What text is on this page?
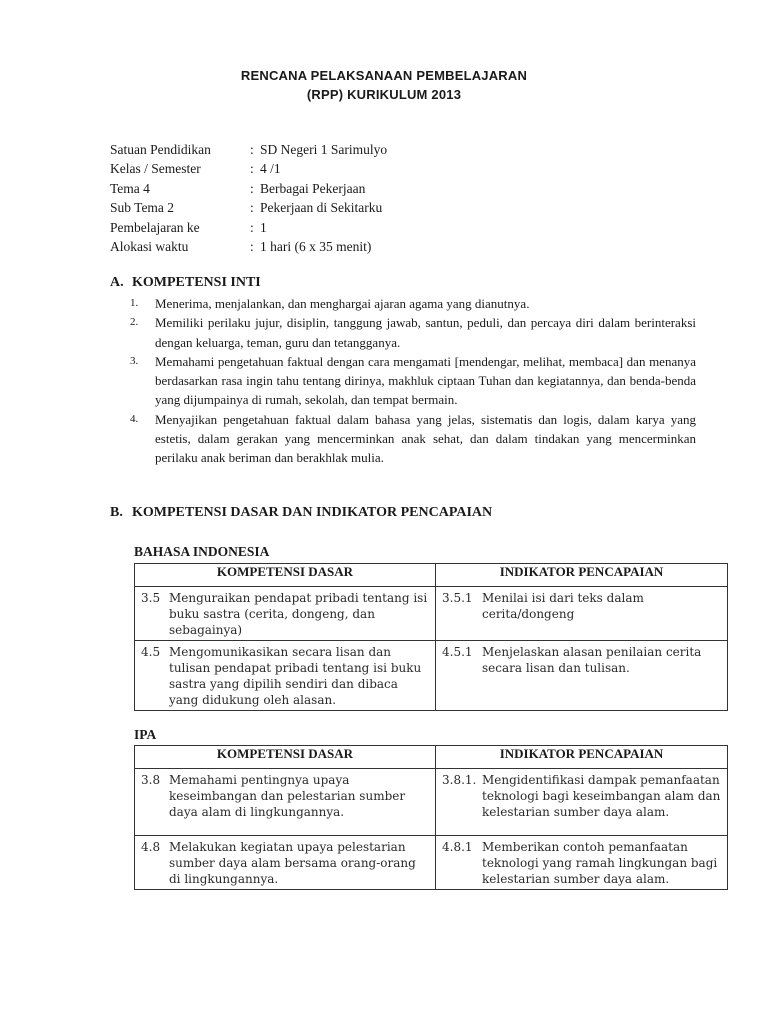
RENCANA PELAKSANAAN PEMBELAJARAN
(RPP) KURIKULUM 2013
Satuan Pendidikan	: SD Negeri 1 Sarimulyo
Kelas / Semester	: 4 /1
Tema 4	: Berbagai Pekerjaan
Sub Tema 2	: Pekerjaan di Sekitarku
Pembelajaran ke	: 1
Alokasi waktu	: 1 hari (6 x 35 menit)
A. KOMPETENSI INTI
1.	Menerima, menjalankan, dan menghargai ajaran agama yang dianutnya.
2.	Memiliki perilaku jujur, disiplin, tanggung jawab, santun, peduli, dan percaya diri dalam berinteraksi dengan keluarga, teman, guru dan tetangganya.
3.	Memahami pengetahuan faktual dengan cara mengamati [mendengar, melihat, membaca] dan menanya berdasarkan rasa ingin tahu tentang dirinya, makhluk ciptaan Tuhan dan kegiatannya, dan benda-benda yang dijumpainya di rumah, sekolah, dan tempat bermain.
4.	Menyajikan pengetahuan faktual dalam bahasa yang jelas, sistematis dan logis, dalam karya yang estetis, dalam gerakan yang mencerminkan anak sehat, dan dalam tindakan yang mencerminkan perilaku anak beriman dan berakhlak mulia.
B. KOMPETENSI DASAR DAN INDIKATOR PENCAPAIAN
BAHASA INDONESIA
KOMPETENSI DASAR	INDIKATOR PENCAPAIAN

3.5 Menguraikan pendapat pribadi tentang isi buku sastra (cerita, dongeng, dan sebagainya)	3.5.1 Menilai isi dari teks dalam cerita/dongeng

4.5 Mengomunikasikan secara lisan dan tulisan pendapat pribadi tentang isi buku sastra yang dipilih sendiri dan dibaca yang didukung oleh alasan.	4.5.1 Menjelaskan alasan penilaian cerita secara lisan dan tulisan.
IPA
KOMPETENSI DASAR	INDIKATOR PENCAPAIAN

3.8 Memahami pentingnya upaya keseimbangan dan pelestarian sumber daya alam di lingkungannya.	3.8.1. Mengidentifikasi dampak pemanfaatan teknologi bagi keseimbangan alam dan kelestarian sumber daya alam.

4.8 Melakukan kegiatan upaya pelestarian sumber daya alam bersama orang-orang di lingkungannya.	4.8.1 Memberikan contoh pemanfaatan teknologi yang ramah lingkungan bagi kelestarian sumber daya alam.
